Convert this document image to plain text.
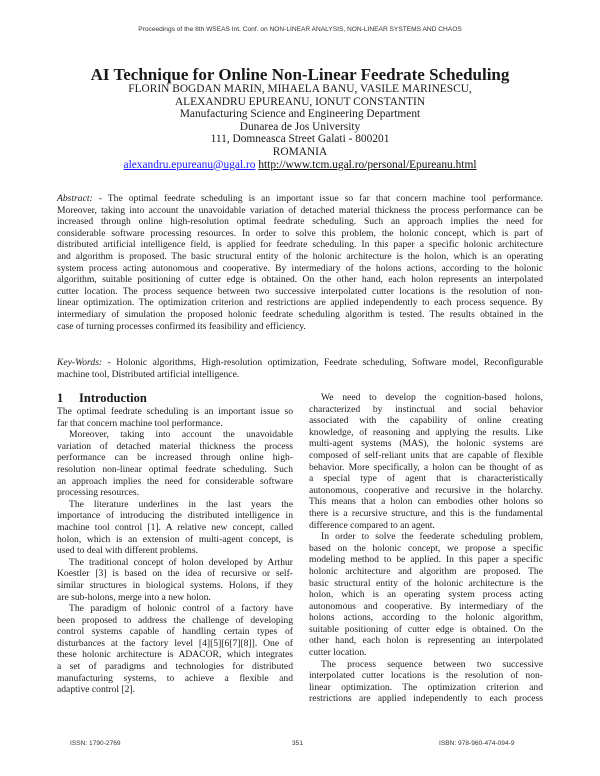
Proceedings of the 8th WSEAS Int. Conf. on NON-LINEAR ANALYSIS, NON-LINEAR SYSTEMS AND CHAOS
AI Technique for Online Non-Linear Feedrate Scheduling
FLORIN BOGDAN MARIN, MIHAELA BANU, VASILE MARINESCU,
ALEXANDRU EPUREANU, IONUT CONSTANTIN
Manufacturing Science and Engineering Department
Dunarea de Jos University
111, Domneasca Street Galati - 800201
ROMANIA
alexandru.epureanu@ugal.ro http://www.tcm.ugal.ro/personal/Epureanu.html
Abstract: - The optimal feedrate scheduling is an important issue so far that concern machine tool performance.
Moreover, taking into account the unavoidable variation of detached material thickness the process performance can be
increased through online high-resolution optimal feedrate scheduling. Such an approach implies the need for
considerable software processing resources. In order to solve this problem, the holonic concept, which is part of
distributed artificial intelligence field, is applied for feedrate scheduling. In this paper a specific holonic architecture
and algorithm is proposed. The basic structural entity of the holonic architecture is the holon, which is an operating
system process acting autonomous and cooperative. By intermediary of the holons actions, according to the holonic
algorithm, suitable positioning of cutter edge is obtained. On the other hand, each holon represents an interpolated
cutter location. The process sequence between two successive interpolated cutter locations is the resolution of non-
linear optimization. The optimization criterion and restrictions are applied independently to each process sequence. By
intermediary of simulation the proposed holonic feedrate scheduling algorithm is tested. The results obtained in the
case of turning processes confirmed its feasibility and efficiency.
Key-Words: - Holonic algorithms, High-resolution optimization, Feedrate scheduling, Software model, Reconfigurable
machine tool, Distributed artificial intelligence.
1 Introduction
The optimal feedrate scheduling is an important issue so
far that concern machine tool performance.
Moreover, taking into account the unavoidable
variation of detached material thickness the process
performance can be increased through online high-
resolution non-linear optimal feedrate scheduling. Such
an approach implies the need for considerable software
processing resources.
The literature underlines in the last years the
importance of introducing the distributed intelligence in
machine tool control [1]. A relative new concept, called
holon, which is an extension of multi-agent concept, is
used to deal with different problems.
The traditional concept of holon developed by Arthur
Koestler [3] is based on the idea of recursive or self-
similar structures in biological systems. Holons, if they
are sub-holons, merge into a new holon.
The paradigm of holonic control of a factory have
been proposed to address the challenge of developing
control systems capable of handling certain types of
disturbances at the factory level [4][5][6[7][8]]. One of
these holonic architecture is ADACOR, which integrates
a set of paradigms and technologies for distributed
manufacturing systems, to achieve a flexible and
adaptive control [2].
We need to develop the cognition-based holons,
characterized by instinctual and social behavior
associated with the capability of online creating
knowledge, of reasoning and applying the results. Like
multi-agent systems (MAS), the holonic systems are
composed of self-reliant units that are capable of flexible
behavior. More specifically, a holon can be thought of as
a special type of agent that is characteristically
autonomous, cooperative and recursive in the holarchy.
This means that a holon can embodies other holons so
there is a recursive structure, and this is the fundamental
difference compared to an agent.
In order to solve the feederate scheduling problem,
based on the holonic concept, we propose a specific
modeling method to be applied. In this paper a specific
holonic architecture and algorithm are proposed. The
basic structural entity of the holonic architecture is the
holon, which is an operating system process acting
autonomous and cooperative. By intermediary of the
holons actions, according to the holonic algorithm,
suitable positioning of cutter edge is obtained. On the
other hand, each holon is representing an interpolated
cutter location.
The process sequence between two successive
interpolated cutter locations is the resolution of non-
linear optimization. The optimization criterion and
restrictions are applied independently to each process
ISSN: 1790-2769	351	ISBN: 978-960-474-094-9
